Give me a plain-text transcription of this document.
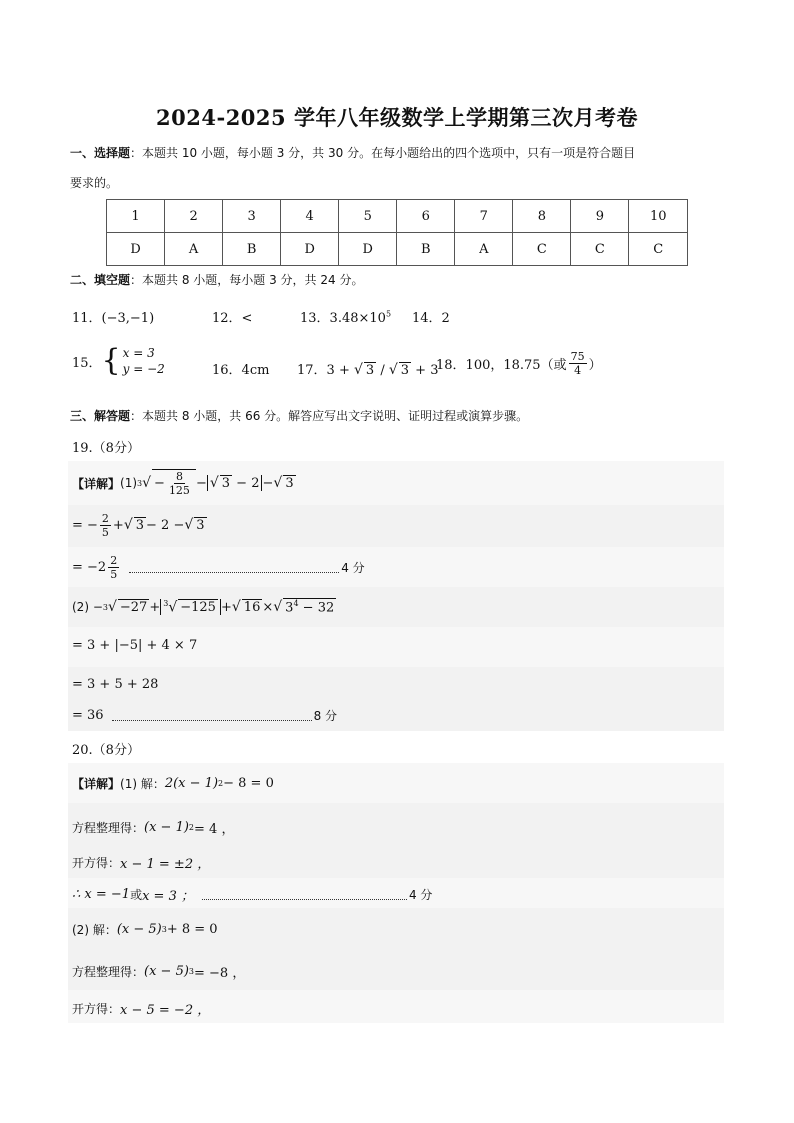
2024-2025 学年八年级数学上学期第三次月考卷
一、选择题：本题共 10 小题，每小题 3 分，共 30 分。在每小题给出的四个选项中，只有一项是符合题目
要求的。
1	2	3	4	5	6	7	8	9	10
D	A	B	D	D	B	A	C	C	C
二、填空题：本题共 8 小题，每小题 3 分，共 24 分。
11．(−3,−1)	12．<	13．$3.48\times 10^5$ 14．2
15． { x = 3
y = −2	16．4cm 17．3 + √ 3 / √ 3 + 3
18． 100，18.75（或 $\frac{75}{4}$ ）
三、解答题：本题共 8 小题，共 66 分。解答应写出文字说明、证明过程或演算步骤。
19.（8分）
【详解】 (1) 3 √ − $\frac{8}{125}$ − √ 3 − 2 − √ 3
= − $\frac{2}{5}$ + √ 3 − 2 − √ 3
= $-2 \frac{2}{5}$	4 分
(2) − 3 √ −27 + $^3$√ −125 + √ 16 × √ $3^4 - 32$
= 3 + |−5| + 4 × 7
= 3 + 5 + 28
= 36	8 分
20.（8分）
【详解】 (1) 解： 2(x − 1) 2 − 8 = 0
方程整理得： (x − 1) 2 = 4 ，
开方得： x − 1 = ±2 ，
∴ x = −1 或 x = 3 ；	4 分
(2) 解： (x − 5) 3 + 8 = 0
方程整理得： (x − 5) 3 = −8 ，
开方得： x − 5 = −2 ，
